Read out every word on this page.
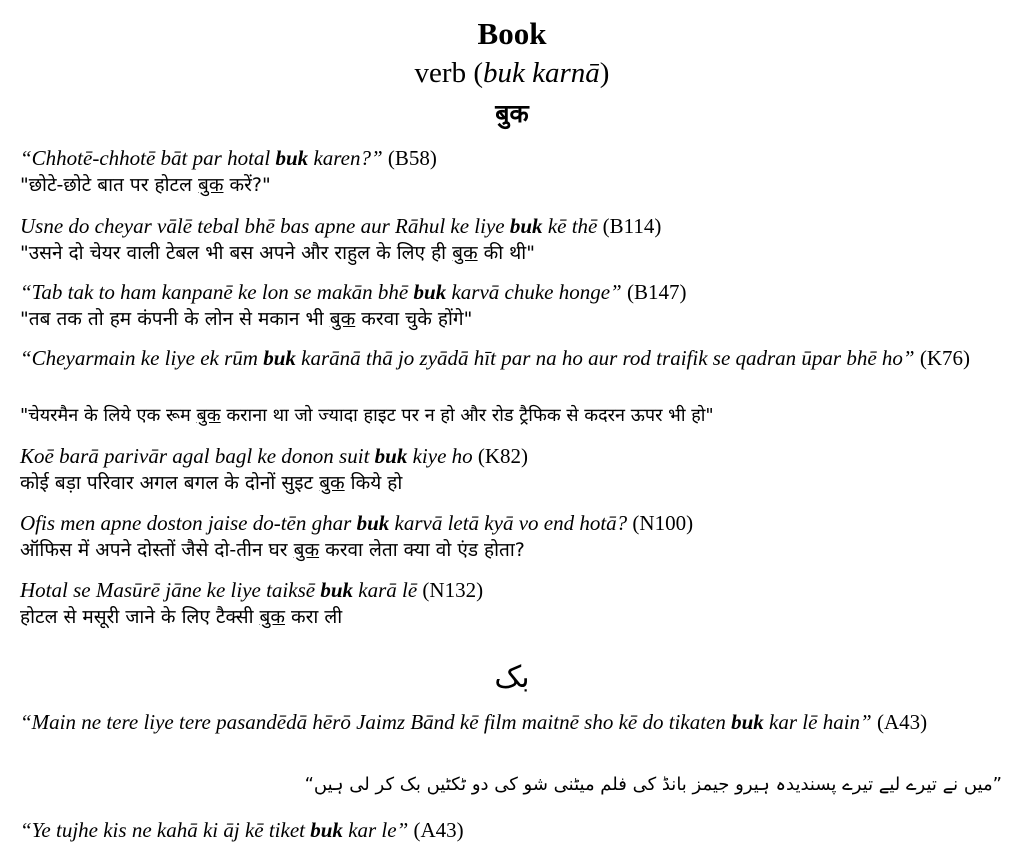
Book
verb (buk karnā)
बुक
“Chhotē-chhotē bāt par hotal buk karen?” (B58)
"छोटे-छोटे बात पर होटल बुक करें?"
Usne do cheyar vālē tebal bhē bas apne aur Rāhul ke liye buk kē thē (B114)
"उसने दो चेयर वाली टेबल भी बस अपने और राहुल के लिए ही बुक की थी"
“Tab tak to ham kanpanē ke lon se makān bhē buk karvā chuke honge” (B147)
"तब तक तो हम कंपनी के लोन से मकान भी बुक करवा चुके होंगे"
“Cheyarmain ke liye ek rūm buk karānā thā jo zyādā hīt par na ho aur rod traifik se qadran ūpar bhē ho” (K76)
"चेयरमैन के लिये एक रूम बुक कराना था जो ज्यादा हाइट पर न हो और रोड ट्रैफिक से कदरन ऊपर भी हो"
Koē barā parivār agal bagl ke donon suit buk kiye ho (K82)
कोई बड़ा परिवार अगल बगल के दोनों सुइट बुक किये हो
Ofis men apne doston jaise do-tēn ghar buk karvā letā kyā vo end hotā? (N100)
ऑफिस में अपने दोस्तों जैसे दो-तीन घर बुक करवा लेता क्या वो एंड होता?
Hotal se Masūrē jāne ke liye taiksē buk karā lē (N132)
होटल से मसूरी जाने के लिए टैक्सी बुक करा ली
بک
“Main ne tere liye tere pasandēdā hērō Jaimz Bānd kē film maitnē sho kē do tikaten buk kar lē hain” (A43)
”میں نے تیرے لیے تیرے پسندیدہ ہیرو جیمز بانڈ کی فلم میٹنی شو کی دو ٹکٹیں بک کر لی ہیں“
“Ye tujhe kis ne kahā ki āj kē tiket buk kar le” (A43)
